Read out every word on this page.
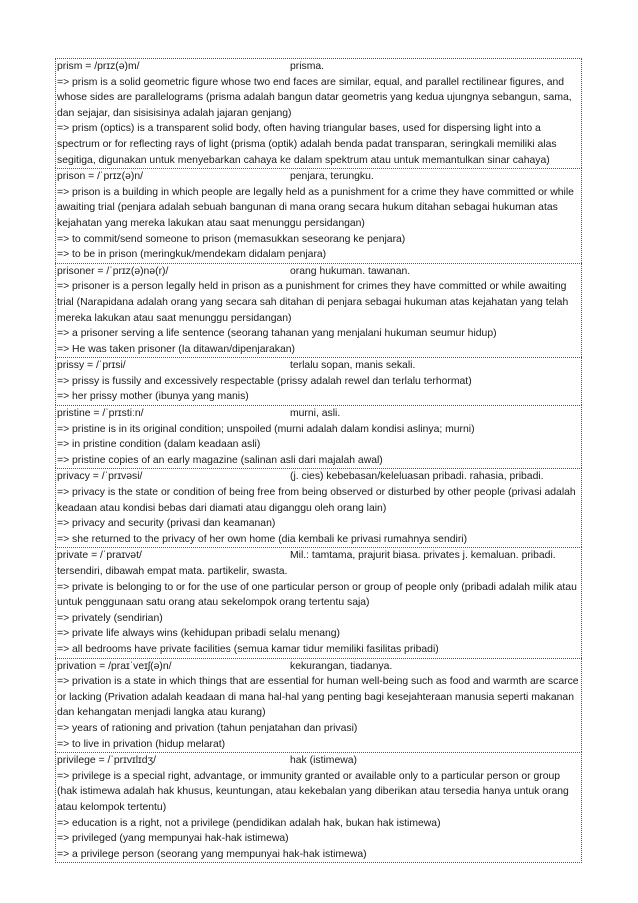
prism = /prɪz(ə)m/	prisma.
=> prism is a solid geometric figure whose two end faces are similar, equal, and parallel rectilinear figures, and whose sides are parallelograms (prisma adalah bangun datar geometris yang kedua ujungnya sebangun, sama, dan sejajar, dan sisisisinya adalah jajaran genjang)
=> prism (optics) is a transparent solid body, often having triangular bases, used for dispersing light into a spectrum or for reflecting rays of light (prisma (optik) adalah benda padat transparan, seringkali memiliki alas segitiga, digunakan untuk menyebarkan cahaya ke dalam spektrum atau untuk memantulkan sinar cahaya)
prison = /ˈprɪz(ə)n/	penjara, terungku.
=> prison is a building in which people are legally held as a punishment for a crime they have committed or while awaiting trial (penjara adalah sebuah bangunan di mana orang secara hukum ditahan sebagai hukuman atas kejahatan yang mereka lakukan atau saat menunggu persidangan)
=> to commit/send someone to prison (memasukkan seseorang ke penjara)
=> to be in prison (meringkuk/mendekam didalam penjara)
prisoner = /ˈprɪz(ə)nə(r)/	orang hukuman. tawanan.
=> prisoner is a person legally held in prison as a punishment for crimes they have committed or while awaiting trial (Narapidana adalah orang yang secara sah ditahan di penjara sebagai hukuman atas kejahatan yang telah mereka lakukan atau saat menunggu persidangan)
=> a prisoner serving a life sentence (seorang tahanan yang menjalani hukuman seumur hidup)
=> He was taken prisoner (Ia ditawan/dipenjarakan)
prissy = /ˈprɪsi/	terlalu sopan, manis sekali.
=> prissy is fussily and excessively respectable (prissy adalah rewel dan terlalu terhormat)
=> her prissy mother (ibunya yang manis)
pristine = /ˈprɪstiːn/	murni, asli.
=> pristine is in its original condition; unspoiled (murni adalah dalam kondisi aslinya; murni)
=> in pristine condition (dalam keadaan asli)
=> pristine copies of an early magazine (salinan asli dari majalah awal)
privacy = /ˈprɪvəsi/	(j. cies) kebebasan/keleluasan pribadi. rahasia, pribadi.
=> privacy is the state or condition of being free from being observed or disturbed by other people (privasi adalah keadaan atau kondisi bebas dari diamati atau diganggu oleh orang lain)
=> privacy and security (privasi dan keamanan)
=> she returned to the privacy of her own home (dia kembali ke privasi rumahnya sendiri)
private = /ˈpraɪvət/	Mil.: tamtama, prajurit biasa. privates j. kemaluan. pribadi.
tersendiri, dibawah empat mata. partikelir, swasta.
=> private is belonging to or for the use of one particular person or group of people only (pribadi adalah milik atau untuk penggunaan satu orang atau sekelompok orang tertentu saja)
=> privately (sendirian)
=> private life always wins (kehidupan pribadi selalu menang)
=> all bedrooms have private facilities (semua kamar tidur memiliki fasilitas pribadi)
privation = /praɪˈveɪʃ(ə)n/	kekurangan, tiadanya.
=> privation is a state in which things that are essential for human well-being such as food and warmth are scarce or lacking (Privation adalah keadaan di mana hal-hal yang penting bagi kesejahteraan manusia seperti makanan dan kehangatan menjadi langka atau kurang)
=> years of rationing and privation (tahun penjatahan dan privasi)
=> to live in privation (hidup melarat)
privilege = /ˈprɪvɪlɪdʒ/	hak (istimewa)
=> privilege is a special right, advantage, or immunity granted or available only to a particular person or group (hak istimewa adalah hak khusus, keuntungan, atau kekebalan yang diberikan atau tersedia hanya untuk orang atau kelompok tertentu)
=> education is a right, not a privilege (pendidikan adalah hak, bukan hak istimewa)
=> privileged (yang mempunyai hak-hak istimewa)
=> a privilege person (seorang yang mempunyai hak-hak istimewa)
